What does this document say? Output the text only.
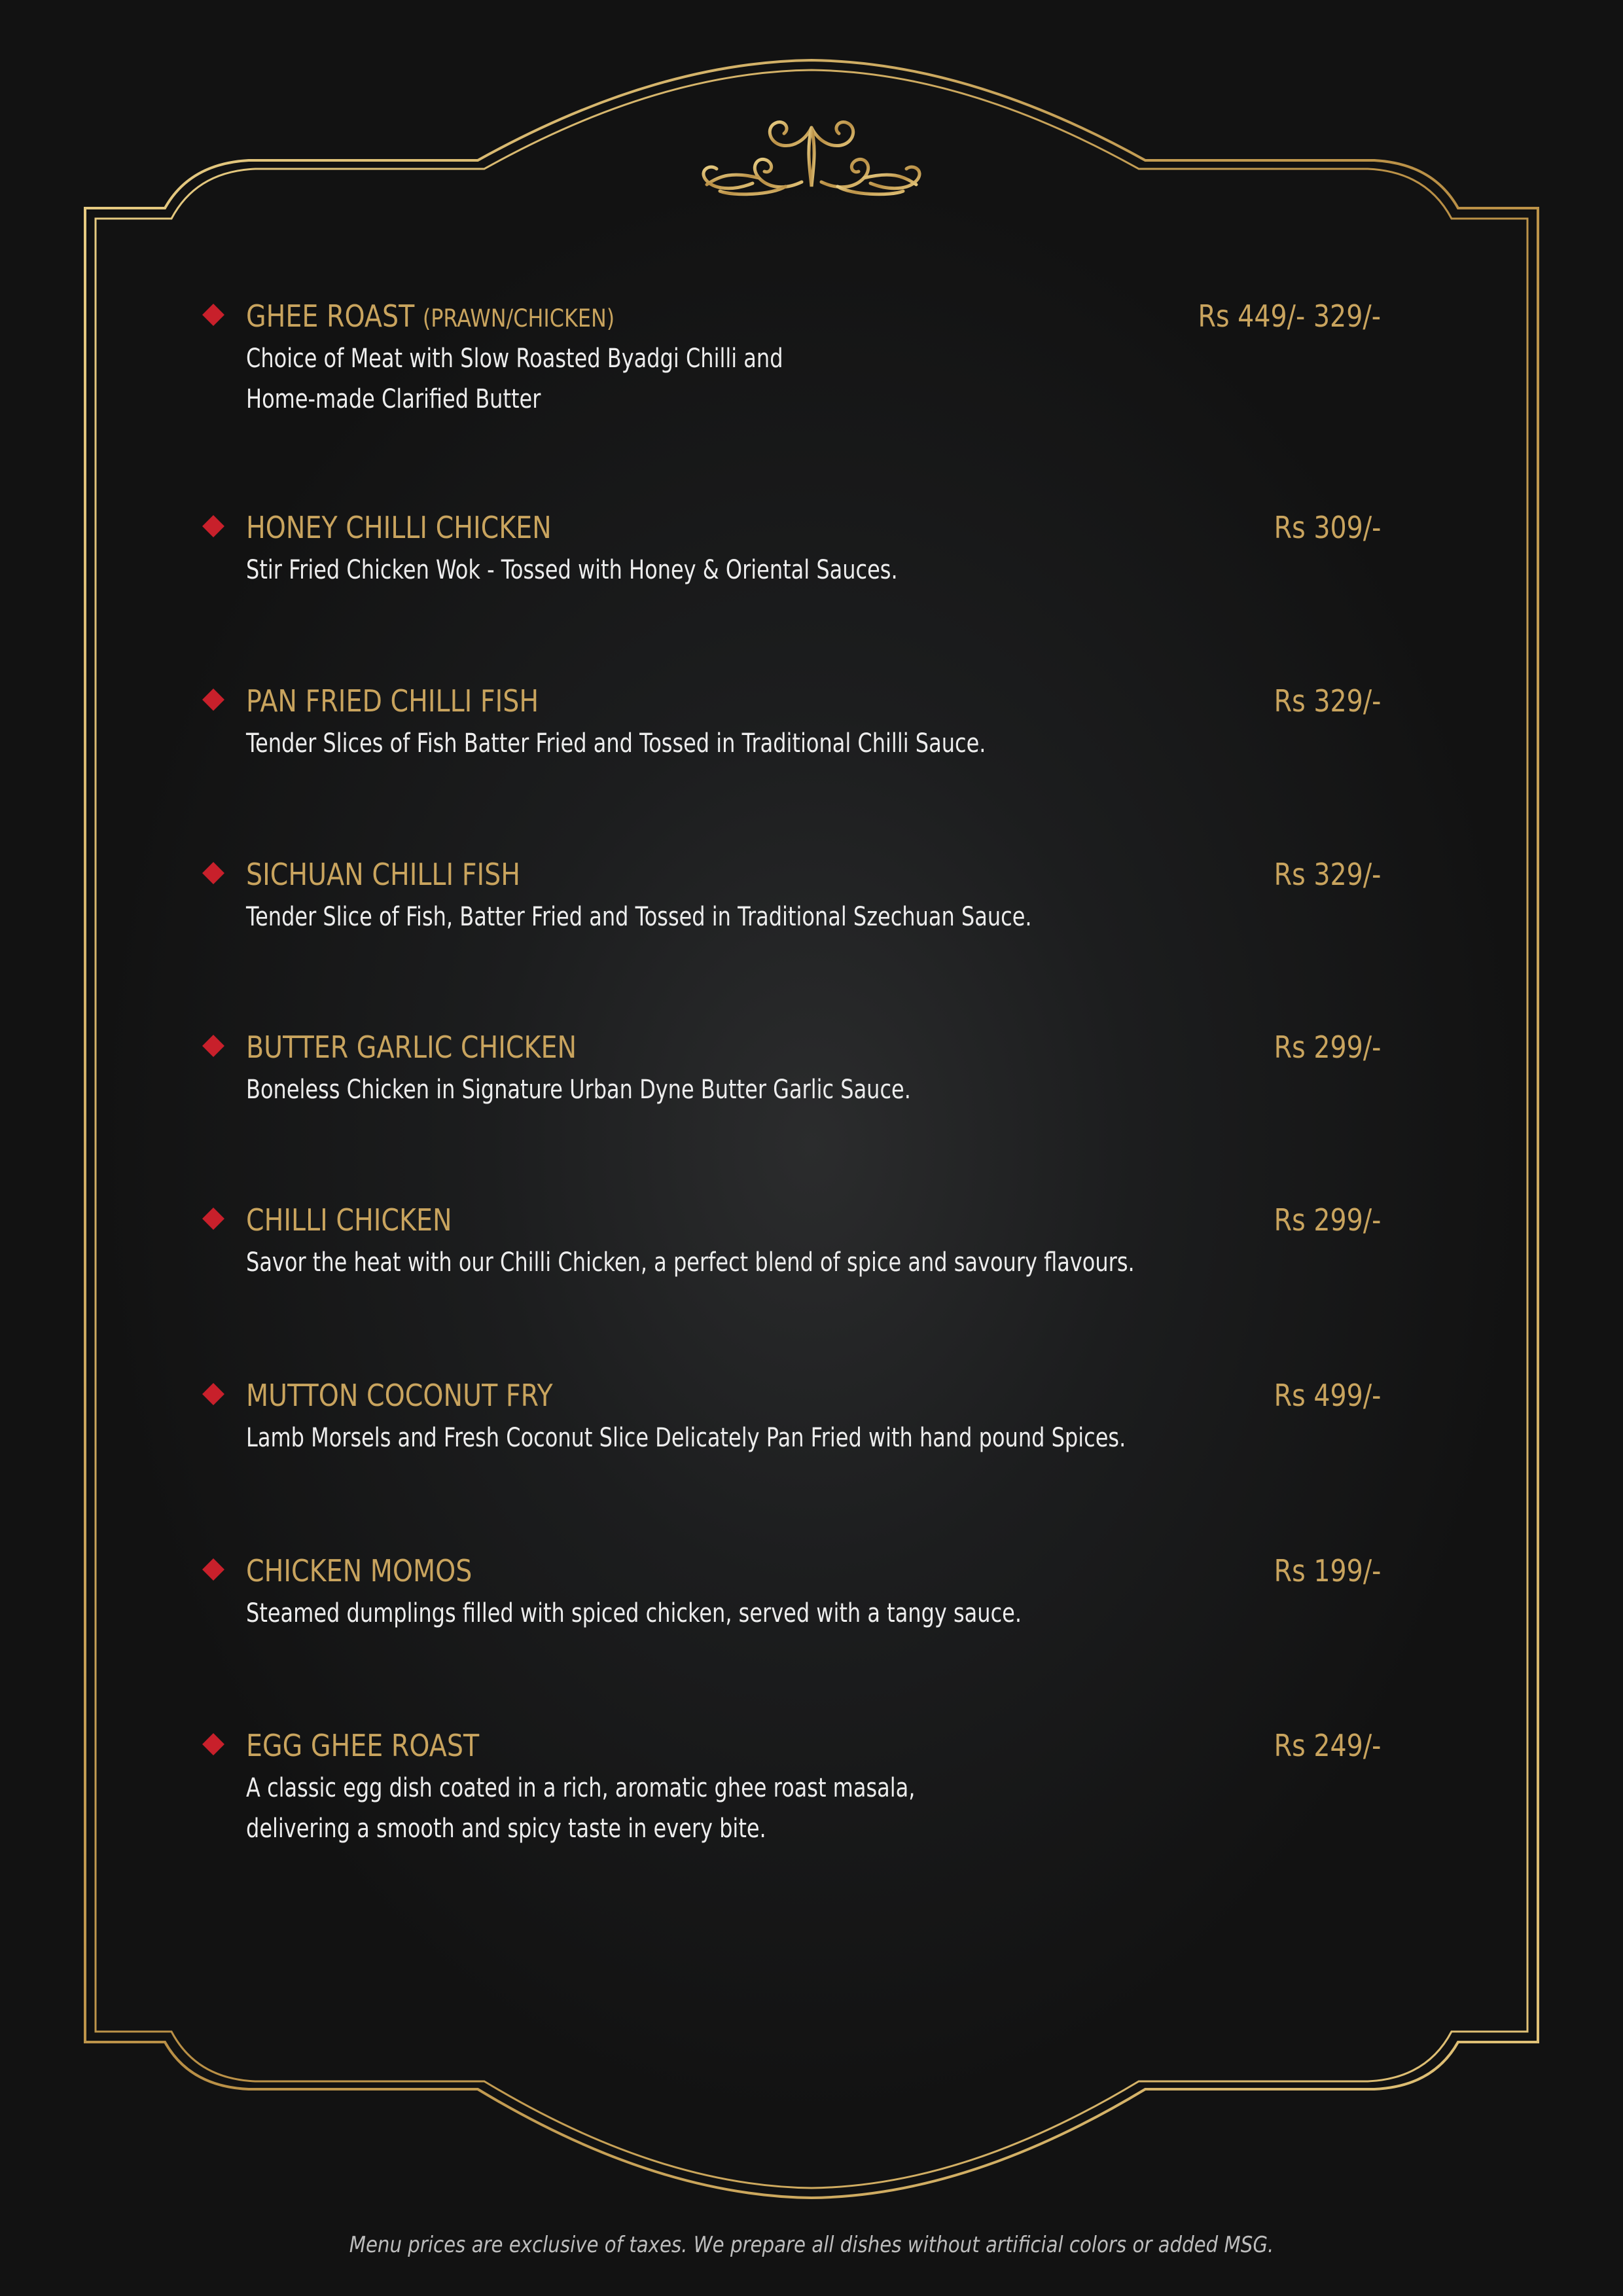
GHEE ROAST (PRAWN/CHICKEN)	Rs 449/- 329/-

Choice of Meat with Slow Roasted Byadgi Chilli and
Home-made Clarified Butter

HONEY CHILLI CHICKEN	Rs 309/-

Stir Fried Chicken Wok - Tossed with Honey & Oriental Sauces.

PAN FRIED CHILLI FISH	Rs 329/-

Tender Slices of Fish Batter Fried and Tossed in Traditional Chilli Sauce.

SICHUAN CHILLI FISH	Rs 329/-

Tender Slice of Fish, Batter Fried and Tossed in Traditional Szechuan Sauce.

BUTTER GARLIC CHICKEN	Rs 299/-

Boneless Chicken in Signature Urban Dyne Butter Garlic Sauce.

CHILLI CHICKEN	Rs 299/-

Savor the heat with our Chilli Chicken, a perfect blend of spice and savoury flavours.

MUTTON COCONUT FRY	Rs 499/-

Lamb Morsels and Fresh Coconut Slice Delicately Pan Fried with hand pound Spices.

CHICKEN MOMOS	Rs 199/-

Steamed dumplings filled with spiced chicken, served with a tangy sauce.

EGG GHEE ROAST	Rs 249/-

A classic egg dish coated in a rich, aromatic ghee roast masala,
delivering a smooth and spicy taste in every bite.

Menu prices are exclusive of taxes. We prepare all dishes without artificial colors or added MSG.
